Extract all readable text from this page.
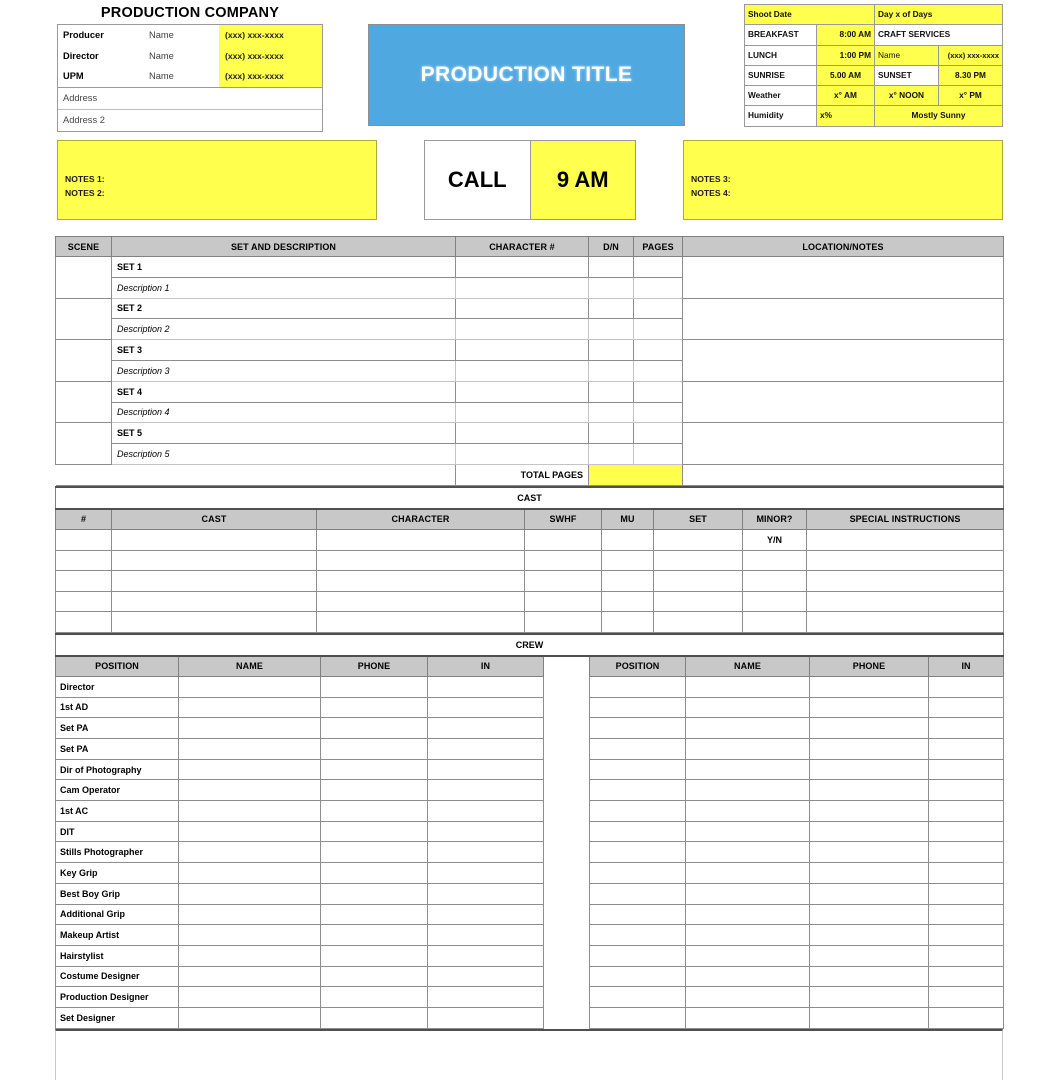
PRODUCTION COMPANY
Producer	Name	(xxx) xxx-xxxx
Director	Name	(xxx) xxx-xxxx
UPM	Name	(xxx) xxx-xxxx
Address
Address 2
PRODUCTION TITLE
Shoot Date		Day x of Days	
BREAKFAST	8:00 AM	CRAFT SERVICES	
LUNCH	1:00 PM	Name	(xxx) xxx-xxxx
SUNRISE	5.00 AM	SUNSET	8.30 PM
Weather	x° AM	x° NOON	x° PM
Humidity	x%	Mostly Sunny	
NOTES 1:
NOTES 2:
CALL	9 AM	NOTES 3:
NOTES 4:
SCENE	SET AND DESCRIPTION	CHARACTER #	D/N	PAGES	LOCATION/NOTES
	SET 1				
	Description 1				
	SET 2				
	Description 2				
	SET 3				
	Description 3				
	SET 4				
	Description 4				
	SET 5				
	Description 5				
		TOTAL PAGES			
CAST							
#	CAST	CHARACTER	SWHF	MU	SET	MINOR?	SPECIAL INSTRUCTIONS
						Y/N	

CREW								
POSITION	NAME	PHONE	IN		POSITION	NAME	PHONE	IN
Director								
1st AD								
Set PA								
Set PA								
Dir of Photography								
Cam Operator								
1st AC								
DIT								
Stills Photographer								
Key Grip								
Best Boy Grip								
Additional Grip								
Makeup Artist								
Hairstylist								
Costume Designer								
Production Designer								
Set Designer								
